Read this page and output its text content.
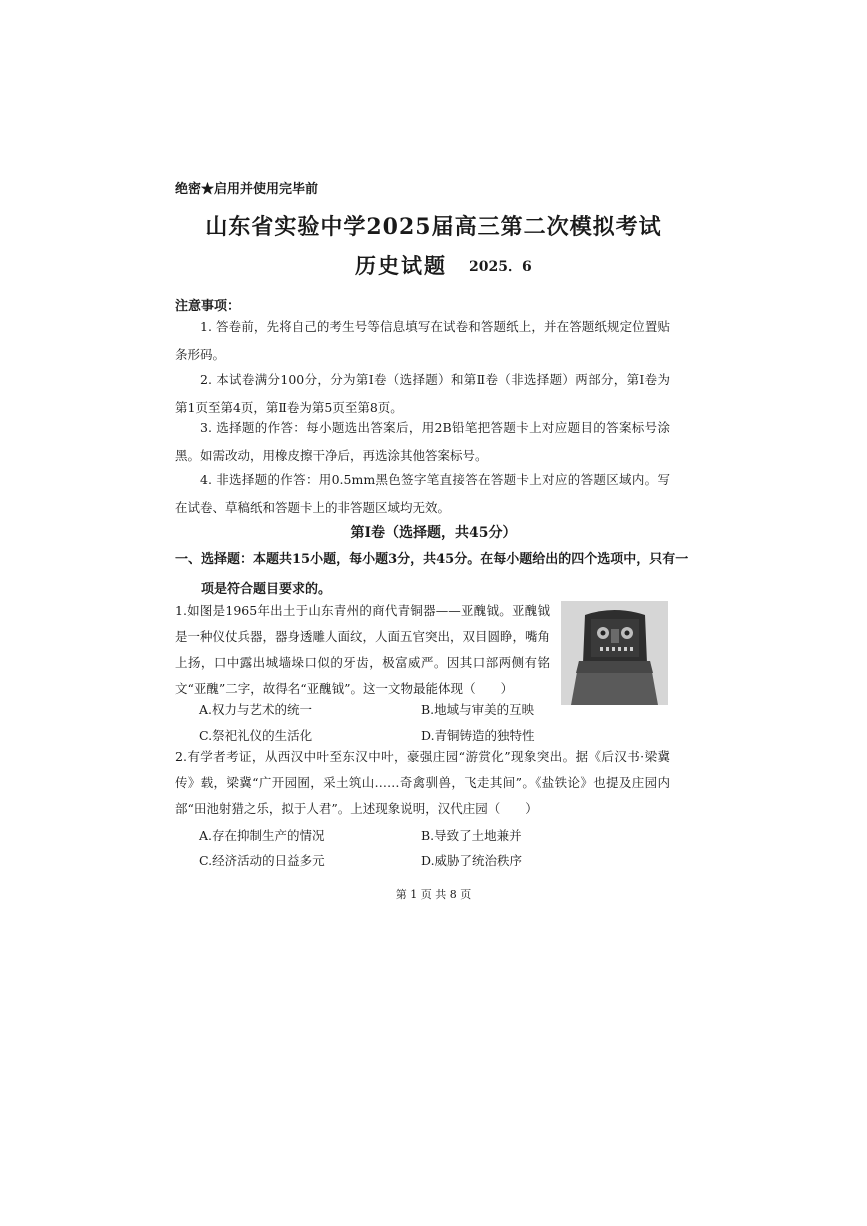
绝密★启用并使用完毕前
山东省实验中学2025届高三第二次模拟考试
历史试题 2025．6
注意事项：
1. 答卷前，先将自己的考生号等信息填写在试卷和答题纸上，并在答题纸规定位置贴条形码。
2. 本试卷满分100分，分为第Ⅰ卷（选择题）和第Ⅱ卷（非选择题）两部分，第Ⅰ卷为第1页至第4页，第Ⅱ卷为第5页至第8页。
3. 选择题的作答：每小题选出答案后，用2B铅笔把答题卡上对应题目的答案标号涂黑。如需改动，用橡皮擦干净后，再选涂其他答案标号。
4. 非选择题的作答：用0.5mm黑色签字笔直接答在答题卡上对应的答题区域内。写在试卷、草稿纸和答题卡上的非答题区域均无效。
第Ⅰ卷（选择题，共45分）
一、选择题：本题共15小题，每小题3分，共45分。在每小题给出的四个选项中，只有一项是符合题目要求的。
1.如图是1965年出土于山东青州的商代青铜器——亚醜钺。亚醜钺是一种仪仗兵器，器身透雕人面纹，人面五官突出，双目圆睁，嘴角上扬，口中露出城墙垛口似的牙齿，极富威严。因其口部两侧有铭文“亚醜”二字，故得名“亚醜钺”。这一文物最能体现（　　）
A.权力与艺术的统一	B.地域与审美的互映
C.祭祀礼仪的生活化	D.青铜铸造的独特性
2.有学者考证，从西汉中叶至东汉中叶，豪强庄园“游赏化”现象突出。据《后汉书·梁冀传》载，梁冀“广开园囿，采土筑山……奇禽驯兽，飞走其间”。《盐铁论》也提及庄园内部“田池射猎之乐，拟于人君”。上述现象说明，汉代庄园（　　）
A.存在抑制生产的情况	B.导致了土地兼并
C.经济活动的日益多元	D.威胁了统治秩序
第 1 页 共 8 页
